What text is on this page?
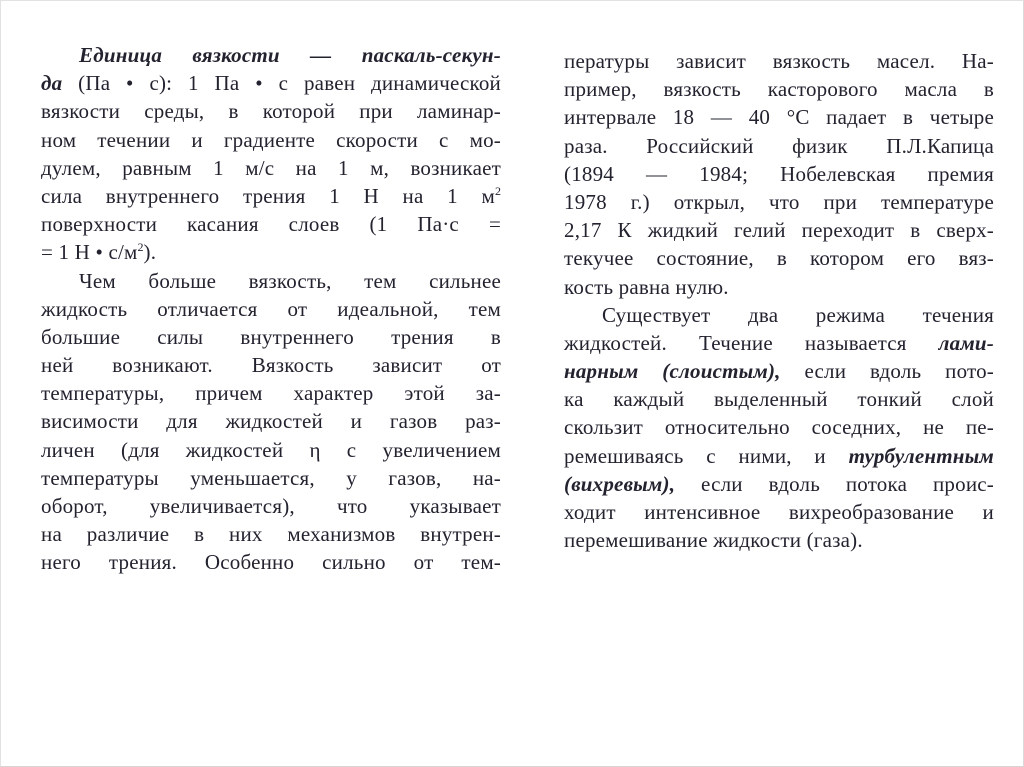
Единица вязкости — паскаль-секун-
да (Па • с): 1 Па • с равен динамической
вязкости среды, в которой при ламинар-
ном течении и градиенте скорости с мо-
дулем, равным 1 м/с на 1 м, возникает
сила внутреннего трения 1 Н на 1 $м^2$
поверхности касания слоев (1 Па·с =
= 1 Н • $с/м^2$).
Чем больше вязкость, тем сильнее
жидкость отличается от идеальной, тем
большие силы внутреннего трения в
ней возникают. Вязкость зависит от
температуры, причем характер этой за-
висимости для жидкостей и газов раз-
личен (для жидкостей η с увеличением
температуры уменьшается, у газов, на-
оборот, увеличивается), что указывает
на различие в них механизмов внутрен-
него трения. Особенно сильно от тем-
пературы зависит вязкость масел. На-
пример, вязкость касторового масла в
интервале 18 — 40 °С падает в четыре
раза. Российский физик П.Л.Капица
(1894 — 1984; Нобелевская премия
1978 г.) открыл, что при температуре
2,17 К жидкий гелий переходит в сверх-
текучее состояние, в котором его вяз-
кость равна нулю.
Существует два режима течения
жидкостей. Течение называется лами-
нарным (слоистым), если вдоль пото-
ка каждый выделенный тонкий слой
скользит относительно соседних, не пе-
ремешиваясь с ними, и турбулентным
(вихревым), если вдоль потока проис-
ходит интенсивное вихреобразование и
перемешивание жидкости (газа).
